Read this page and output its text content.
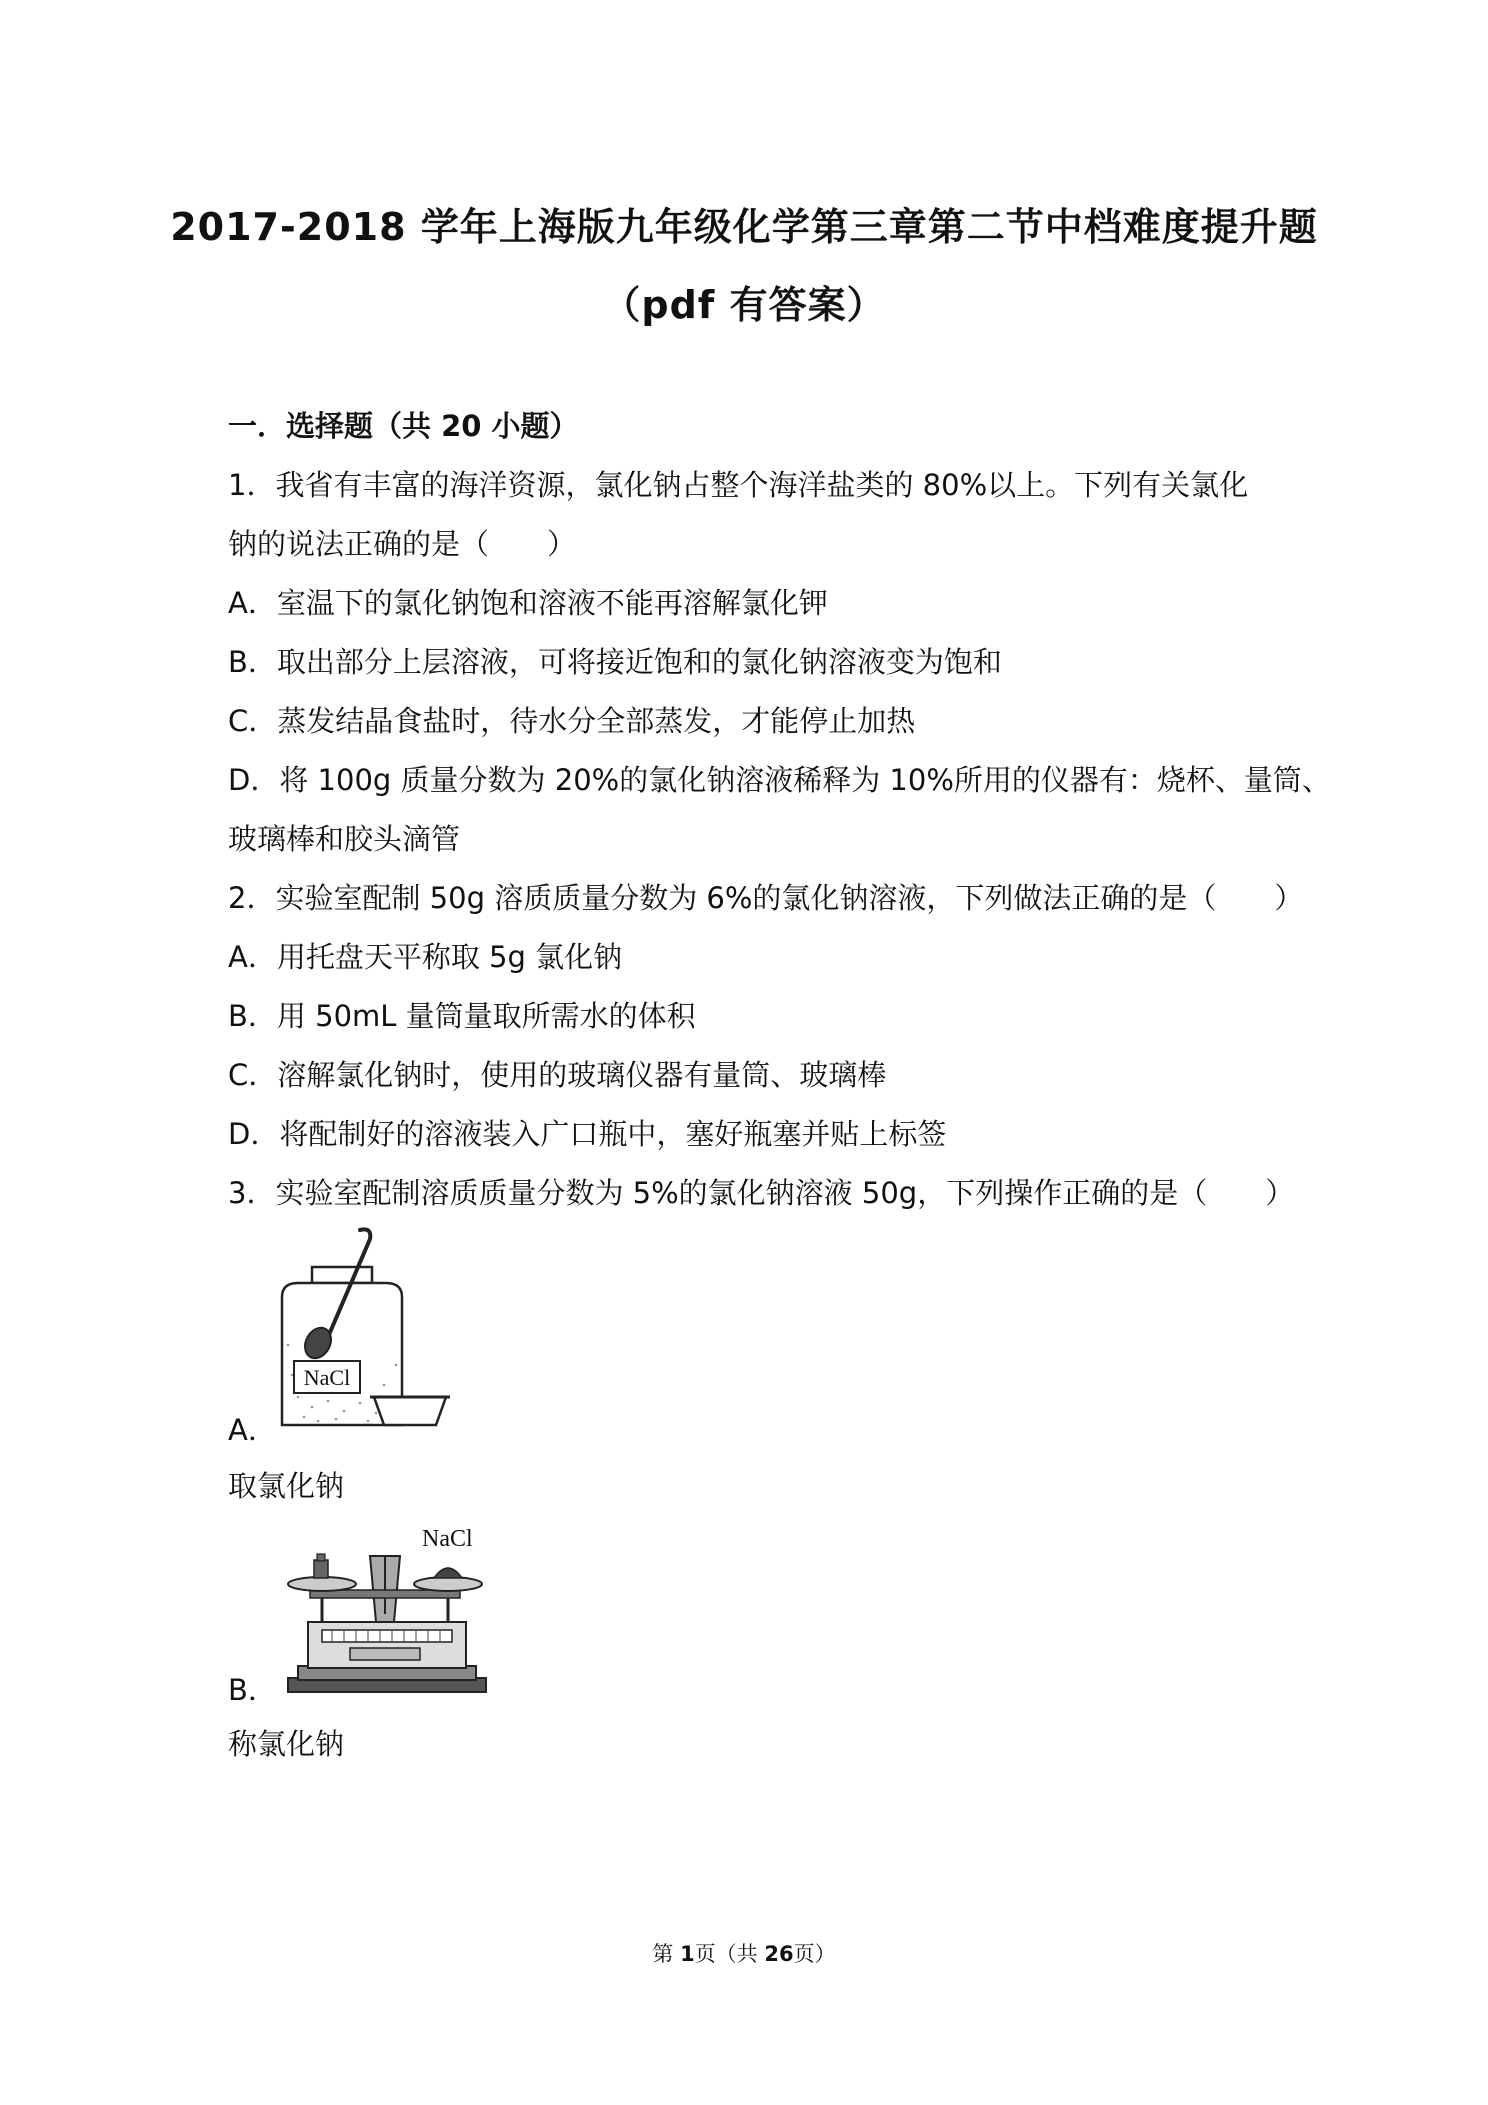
2017-2018 学年上海版九年级化学第三章第二节中档难度提升题
（pdf 有答案）
一．选择题（共 20 小题）
1．我省有丰富的海洋资源，氯化钠占整个海洋盐类的 80%以上。下列有关氯化
钠的说法正确的是（　　）
A．室温下的氯化钠饱和溶液不能再溶解氯化钾
B．取出部分上层溶液，可将接近饱和的氯化钠溶液变为饱和
C．蒸发结晶食盐时，待水分全部蒸发，才能停止加热
D．将 100g 质量分数为 20%的氯化钠溶液稀释为 10%所用的仪器有：烧杯、量筒、
玻璃棒和胶头滴管
2．实验室配制 50g 溶质质量分数为 6%的氯化钠溶液，下列做法正确的是（　　）
A．用托盘天平称取 5g 氯化钠
B．用 50mL 量筒量取所需水的体积
C．溶解氯化钠时，使用的玻璃仪器有量筒、玻璃棒
D．将配制好的溶液装入广口瓶中，塞好瓶塞并贴上标签
3．实验室配制溶质质量分数为 5%的氯化钠溶液 50g，下列操作正确的是（　　）
NaCl
A．
取氯化钠
NaCl
B．
称氯化钠
第 1页（共 26页）
